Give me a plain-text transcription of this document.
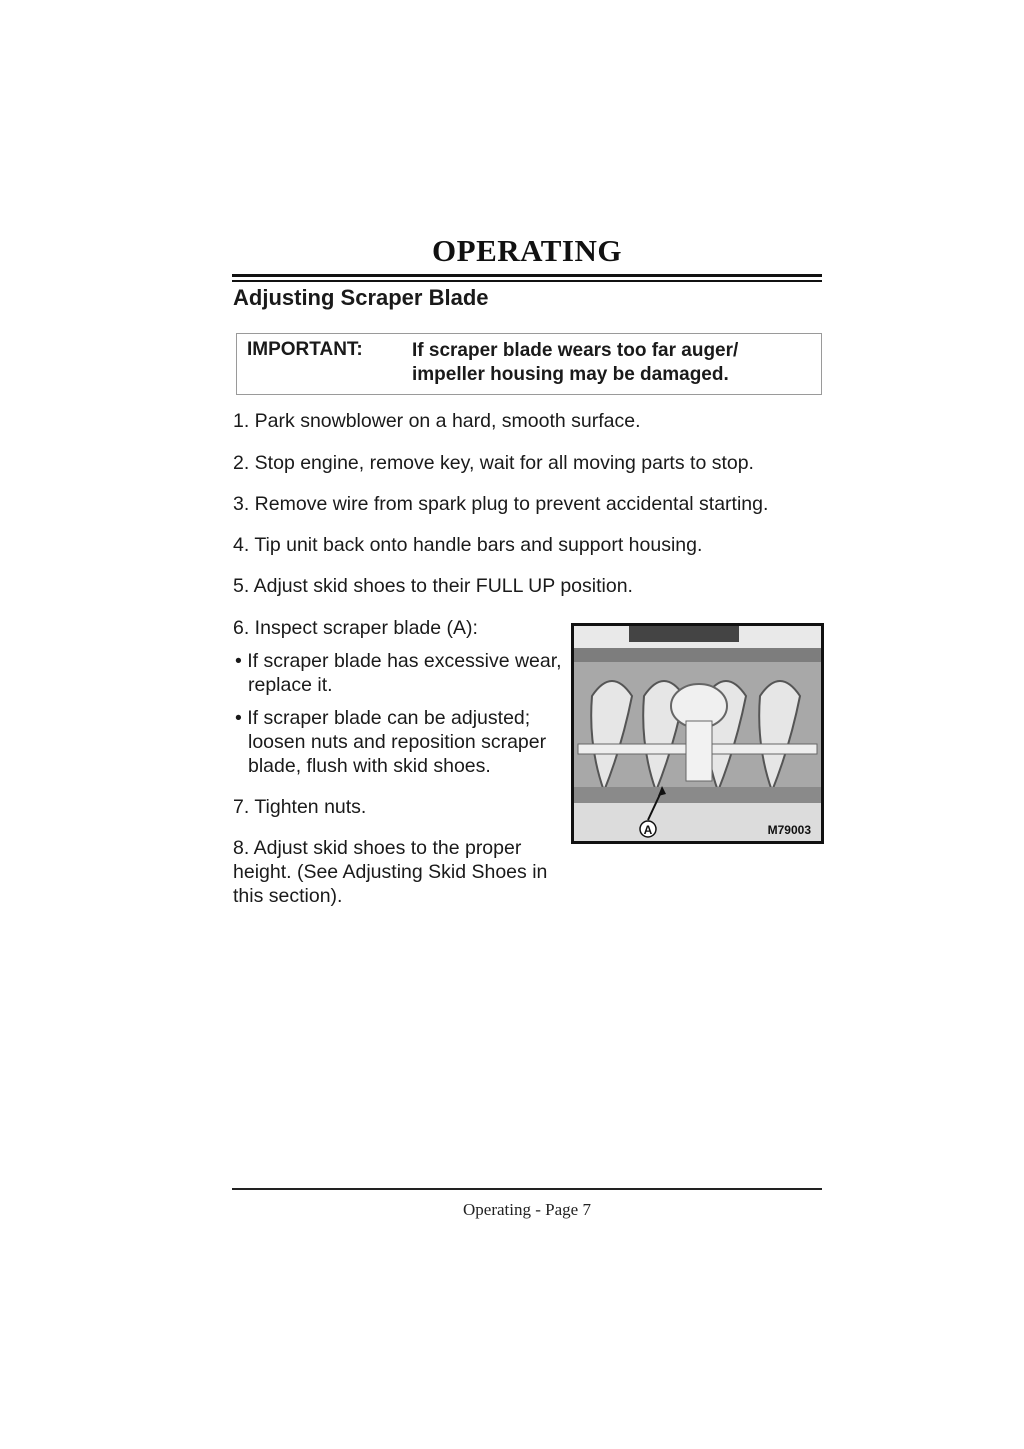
OPERATING
Adjusting Scraper Blade
IMPORTANT:	If scraper blade wears too far auger/ impeller housing may be damaged.
1. Park snowblower on a hard, smooth surface.
2. Stop engine, remove key, wait for all moving parts to stop.
3. Remove wire from spark plug to prevent accidental starting.
4. Tip unit back onto handle bars and support housing.
5. Adjust skid shoes to their FULL UP position.
6. Inspect scraper blade (A):
• If scraper blade has excessive wear, replace it.
• If scraper blade can be adjusted; loosen nuts and reposition scraper blade, flush with skid shoes.
7. Tighten nuts.
8. Adjust skid shoes to the proper height. (See Adjusting Skid Shoes in this section).
A	M79003
Operating - Page 7
